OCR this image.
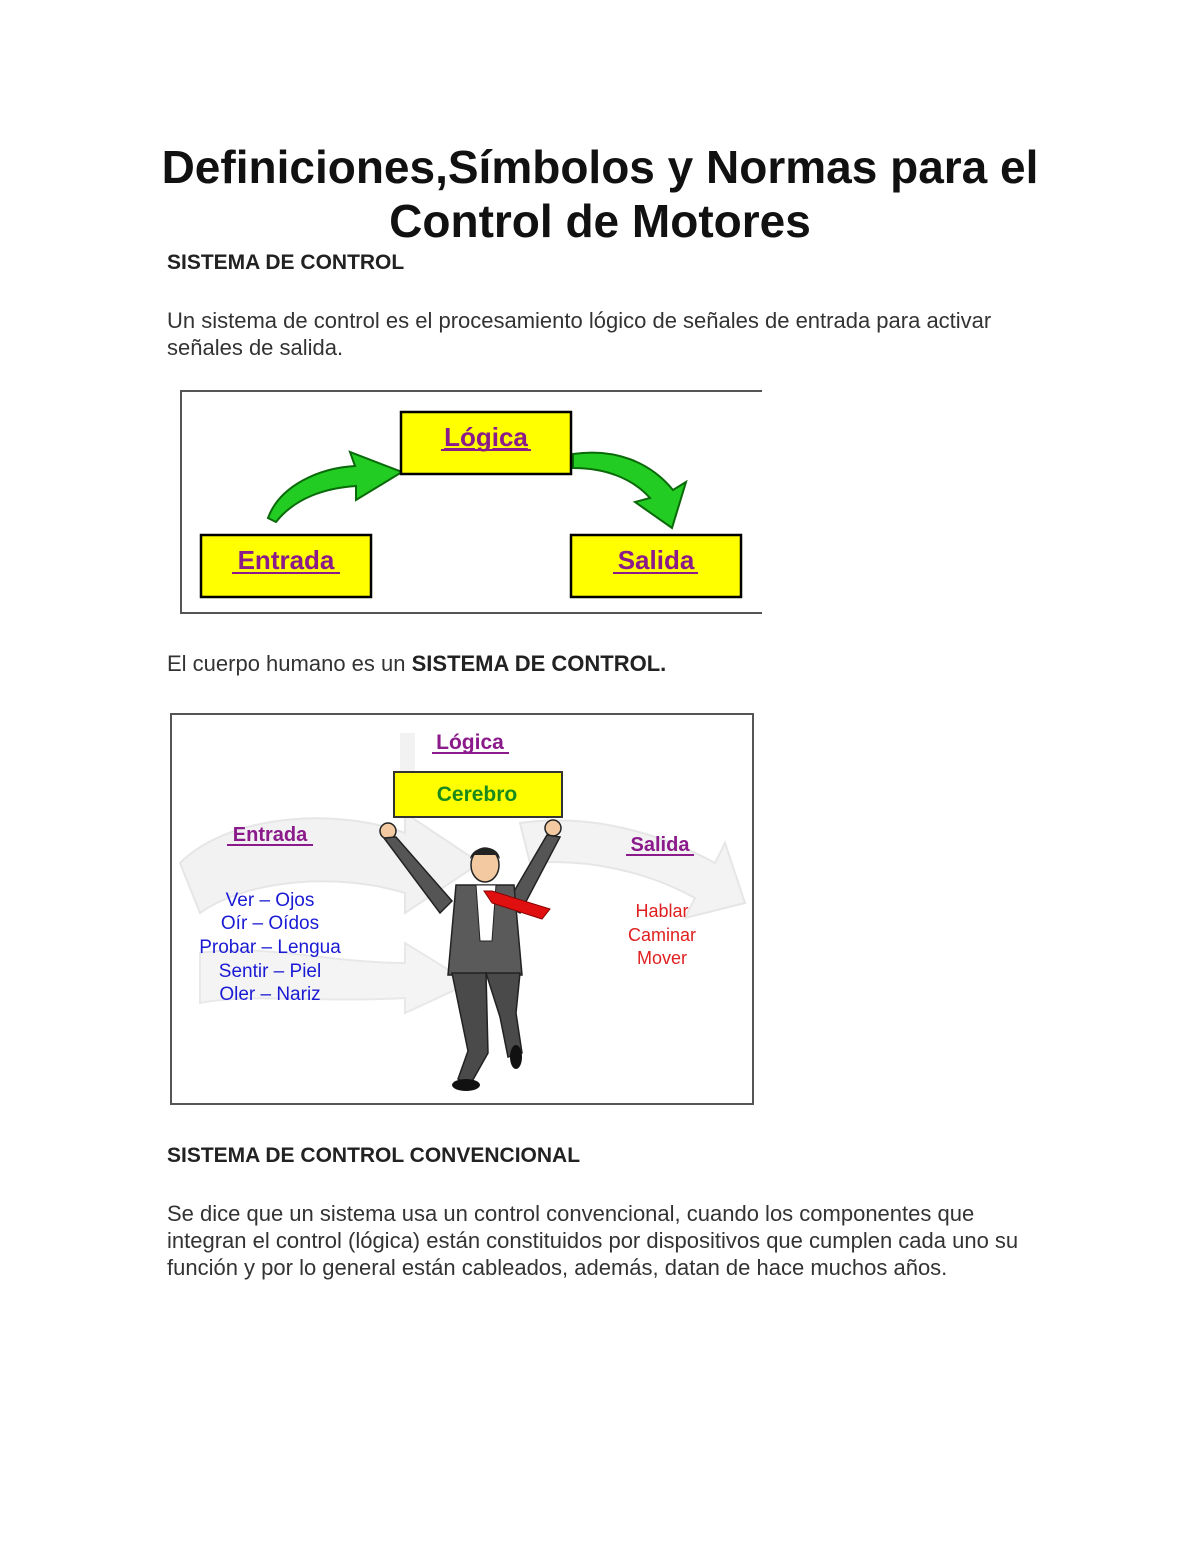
Definiciones,Símbolos y Normas para el Control de Motores
SISTEMA DE CONTROL
Un sistema de control es el procesamiento lógico de señales de entrada para activar señales de salida.
Lógica
Entrada	Salida
El cuerpo humano es un SISTEMA DE CONTROL.
Lógica
Cerebro
Entrada
Ver – Ojos
Oír – Oídos
Probar – Lengua
Sentir – Piel
Oler – Nariz
Salida
Hablar
Caminar
Mover
SISTEMA DE CONTROL CONVENCIONAL
Se dice que un sistema usa un control convencional, cuando los componentes que integran el control (lógica) están constituidos por dispositivos que cumplen cada uno su función y por lo general están cableados, además, datan de hace muchos años.
